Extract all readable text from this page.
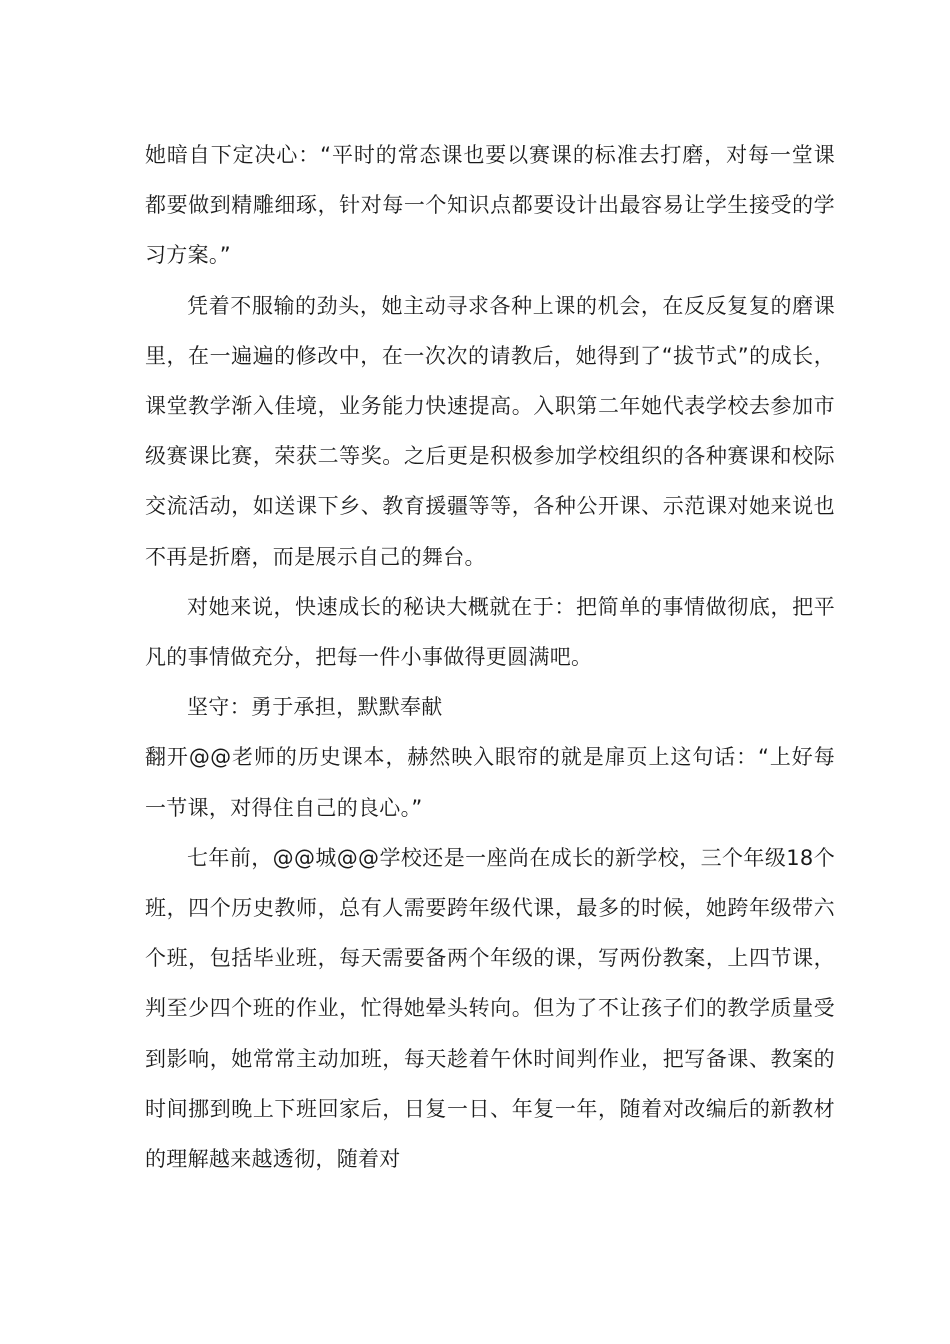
她暗自下定决心：“平时的常态课也要以赛课的标准去打磨，对每一堂课都要做到精雕细琢，针对每一个知识点都要设计出最容易让学生接受的学习方案。”

凭着不服输的劲头，她主动寻求各种上课的机会，在反反复复的磨课里，在一遍遍的修改中，在一次次的请教后，她得到了“拔节式”的成长，课堂教学渐入佳境，业务能力快速提高。入职第二年她代表学校去参加市级赛课比赛，荣获二等奖。之后更是积极参加学校组织的各种赛课和校际交流活动，如送课下乡、教育援疆等等，各种公开课、示范课对她来说也不再是折磨，而是展示自己的舞台。

对她来说，快速成长的秘诀大概就在于：把简单的事情做彻底，把平凡的事情做充分，把每一件小事做得更圆满吧。

坚守：勇于承担，默默奉献

翻开@@老师的历史课本，赫然映入眼帘的就是扉页上这句话：“上好每一节课，对得住自己的良心。”

七年前，@@城@@学校还是一座尚在成长的新学校，三个年级18个班，四个历史教师，总有人需要跨年级代课，最多的时候，她跨年级带六个班，包括毕业班，每天需要备两个年级的课，写两份教案，上四节课，判至少四个班的作业，忙得她晕头转向。但为了不让孩子们的教学质量受到影响，她常常主动加班，每天趁着午休时间判作业，把写备课、教案的时间挪到晚上下班回家后，日复一日、年复一年，随着对改编后的新教材的理解越来越透彻，随着对
